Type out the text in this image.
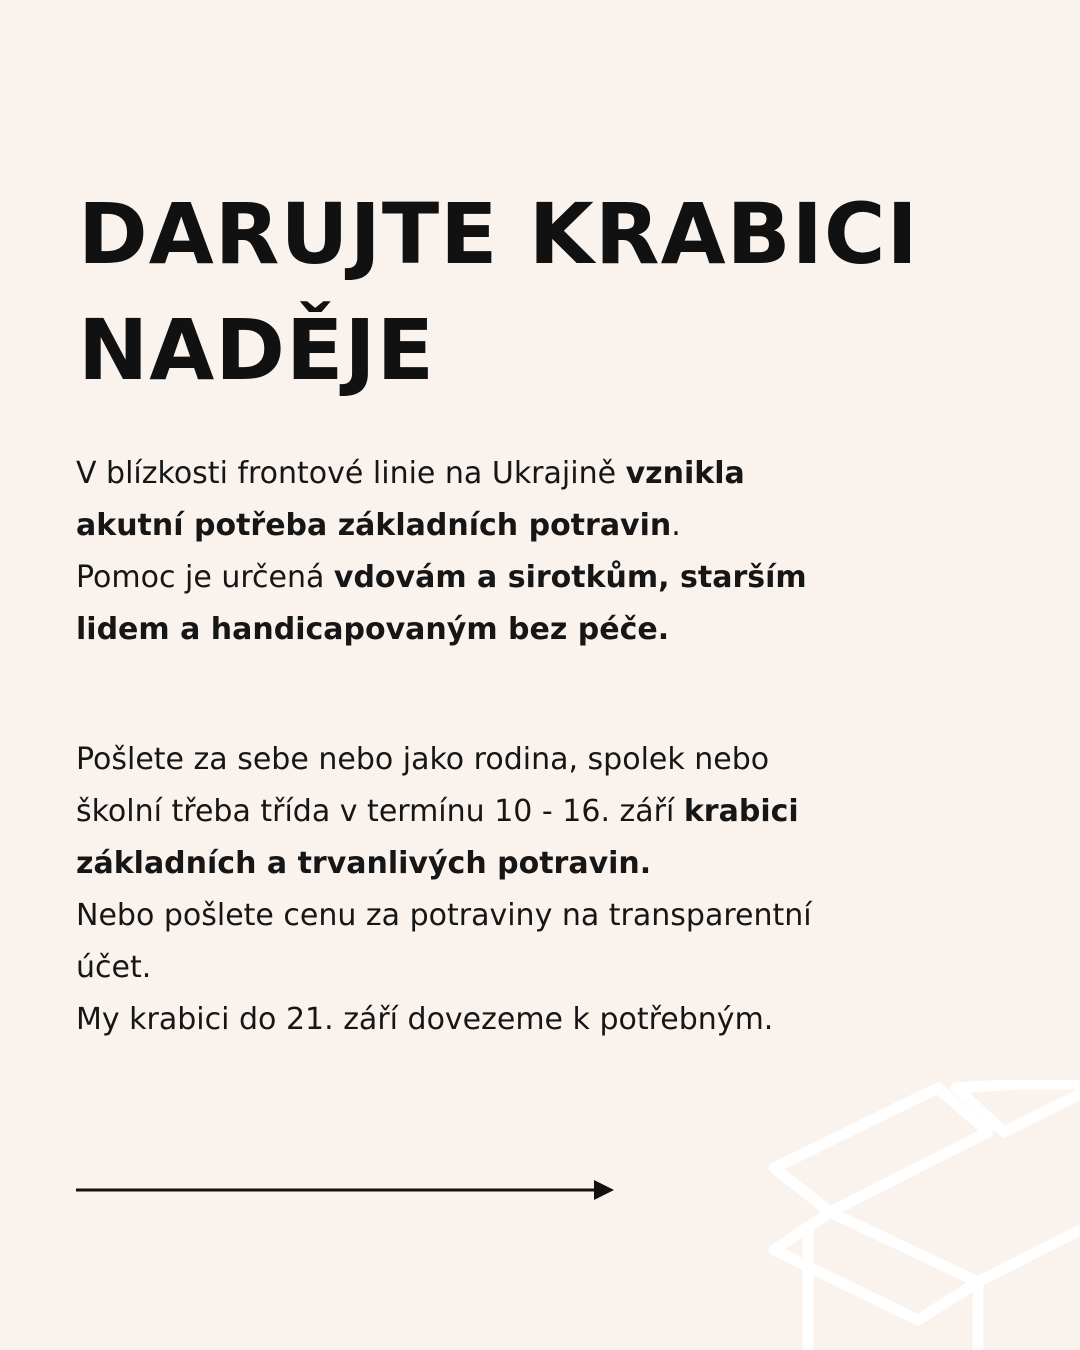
DARUJTE KRABICI
NADĚJE
V blízkosti frontové linie na Ukrajině vznikla
akutní potřeba základních potravin.
Pomoc je určená vdovám a sirotkům, starším
lidem a handicapovaným bez péče.
Pošlete za sebe nebo jako rodina, spolek nebo
školní třeba třída v termínu 10 - 16. září krabici
základních a trvanlivých potravin.
Nebo pošlete cenu za potraviny na transparentní
účet.
My krabici do 21. září dovezeme k potřebným.
